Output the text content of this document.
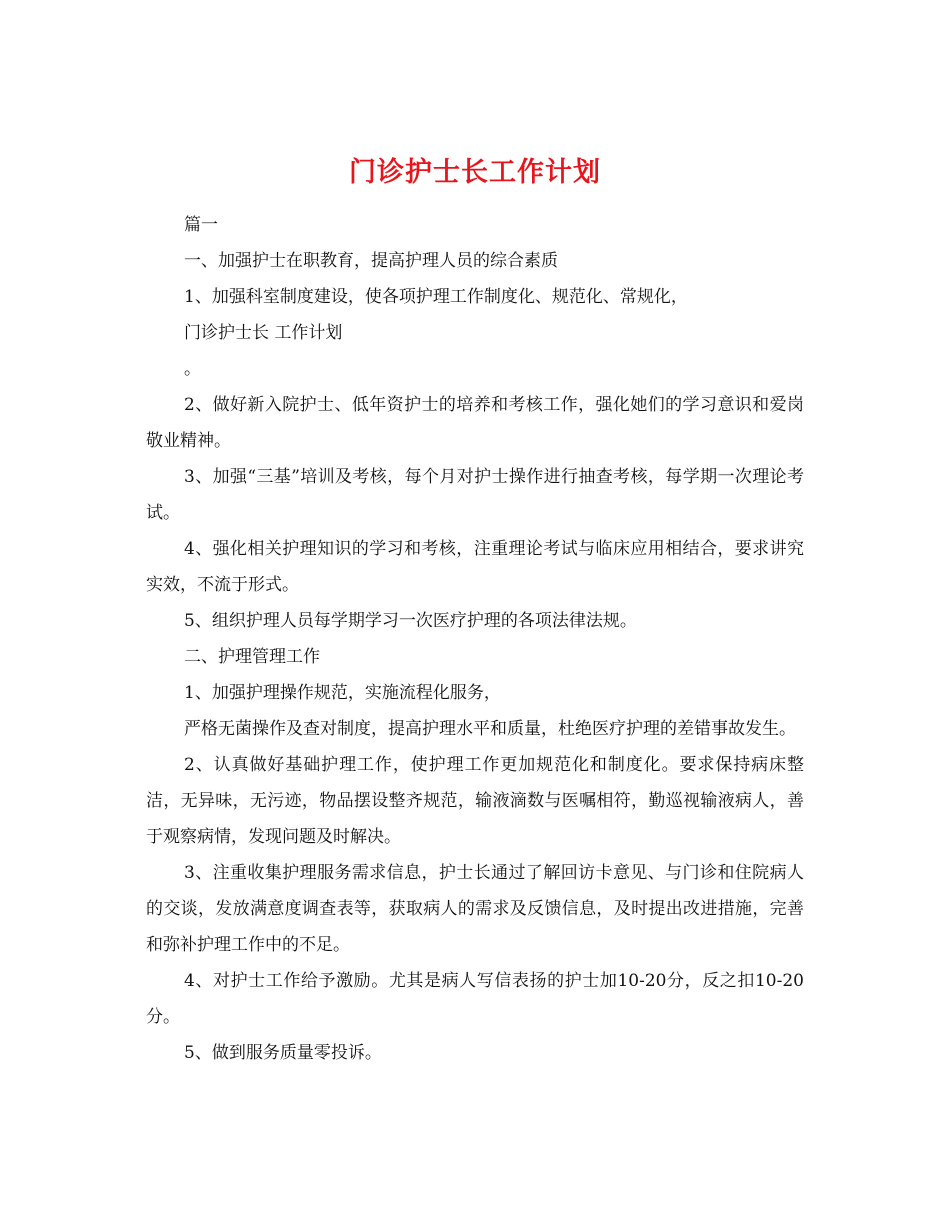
门诊护士长工作计划

篇一

一、加强护士在职教育，提高护理人员的综合素质

1、加强科室制度建设，使各项护理工作制度化、规范化、常规化，

门诊护士长 工作计划

。

2、做好新入院护士、低年资护士的培养和考核工作，强化她们的学习意识和爱岗敬业精神。

3、加强“三基”培训及考核，每个月对护士操作进行抽查考核，每学期一次理论考试。

4、强化相关护理知识的学习和考核，注重理论考试与临床应用相结合，要求讲究实效，不流于形式。

5、组织护理人员每学期学习一次医疗护理的各项法律法规。

二、护理管理工作

1、加强护理操作规范，实施流程化服务，

严格无菌操作及查对制度，提高护理水平和质量，杜绝医疗护理的差错事故发生。

2、认真做好基础护理工作，使护理工作更加规范化和制度化。要求保持病床整洁，无异味，无污迹，物品摆设整齐规范，输液滴数与医嘱相符，勤巡视输液病人，善于观察病情，发现问题及时解决。

3、注重收集护理服务需求信息，护士长通过了解回访卡意见、与门诊和住院病人的交谈，发放满意度调查表等，获取病人的需求及反馈信息，及时提出改进措施，完善和弥补护理工作中的不足。

4、对护士工作给予激励。尤其是病人写信表扬的护士加10-20分，反之扣10-20分。

5、做到服务质量零投诉。
